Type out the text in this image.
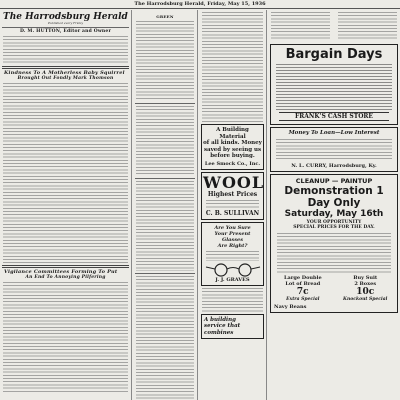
The Harrodsburg Herald, Friday, May 15, 1936
The Harrodsburg Herald
Published every Friday
D. M. HUTTON, Editor and Owner
Kindness To A Motherless Baby Squirrel
Brought Out Fondly Mark Thomson
Vigilance Committees Forming To Put
An End To Annoying Pilfering
GREEN
A Building Material
of all kinds. Money
saved by seeing us
before buying.
Lee Smock Co., Inc.
WOOL
Highest Prices
C. B. SULLIVAN
Are You Sure
Your Present
Glasses
Are Right?
J. J. GRAVES
A building
service that
combines
Bargain Days
FRANK'S CASH STORE
Money To Loan—Low Interest
N. L. CURRY, Harrodsburg, Ky.
CLEANUP — PAINTUP
Demonstration 1 Day Only
Saturday, May 16th
YOUR OPPORTUNITY
SPECIAL PRICES FOR THE DAY.
Large Double
Lot of Bread
7c
Extra Special
Buy Suit
2 Boxes
10c
Knockout Special
Navy Beans
